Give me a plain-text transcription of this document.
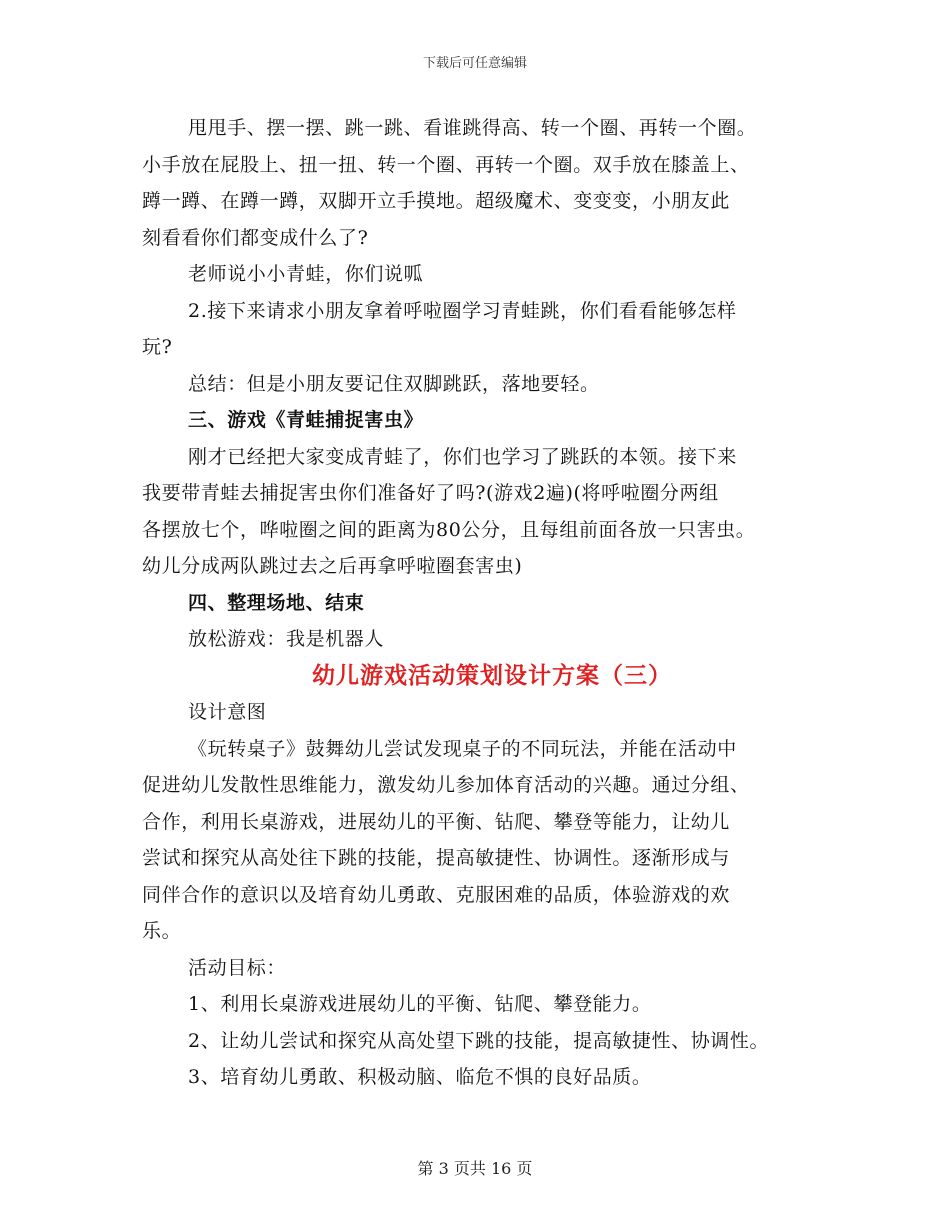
下载后可任意编辑
甩甩手、摆一摆、跳一跳、看谁跳得高、转一个圈、再转一个圈。
小手放在屁股上、扭一扭、转一个圈、再转一个圈。双手放在膝盖上、
蹲一蹲、在蹲一蹲，双脚开立手摸地。超级魔术、变变变，小朋友此
刻看看你们都变成什么了?
老师说小小青蛙，你们说呱
2.接下来请求小朋友拿着呼啦圈学习青蛙跳，你们看看能够怎样
玩?
总结：但是小朋友要记住双脚跳跃，落地要轻。
三、游戏《青蛙捕捉害虫》
刚才已经把大家变成青蛙了，你们也学习了跳跃的本领。接下来
我要带青蛙去捕捉害虫你们准备好了吗?(游戏2遍)(将呼啦圈分两组
各摆放七个，哗啦圈之间的距离为80公分，且每组前面各放一只害虫。
幼儿分成两队跳过去之后再拿呼啦圈套害虫)
四、整理场地、结束
放松游戏：我是机器人
幼儿游戏活动策划设计方案（三）
设计意图
《玩转桌子》鼓舞幼儿尝试发现桌子的不同玩法，并能在活动中
促进幼儿发散性思维能力，激发幼儿参加体育活动的兴趣。通过分组、
合作，利用长桌游戏，进展幼儿的平衡、钻爬、攀登等能力，让幼儿
尝试和探究从高处往下跳的技能，提高敏捷性、协调性。逐渐形成与
同伴合作的意识以及培育幼儿勇敢、克服困难的品质，体验游戏的欢
乐。
活动目标：
1、利用长桌游戏进展幼儿的平衡、钻爬、攀登能力。
2、让幼儿尝试和探究从高处望下跳的技能，提高敏捷性、协调性。
3、培育幼儿勇敢、积极动脑、临危不惧的良好品质。
第 3 页共 16 页
